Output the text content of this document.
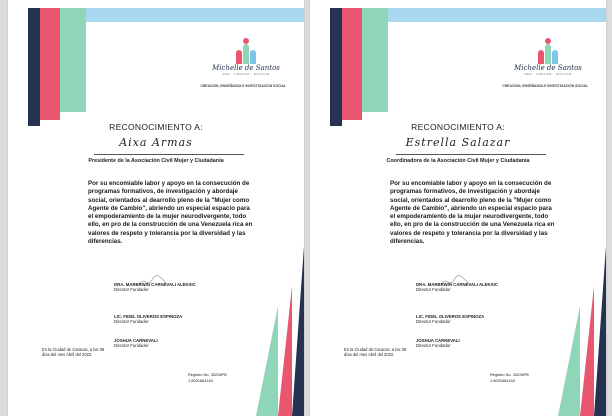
Michelle de Santos
SER · CRECER · EDUCAR
CREACIÓN, ENSEÑANZA E INVESTIGACIÓN SOCIAL
RECONOCIMIENTO A:
Aixa Armas
Presidente de la Asociación Civil Mujer y Ciudadanía
Por su encomiable labor y apoyo en la consecución de programas formativos, de investigación y abordaje social, orientados al dearrollo pleno de la "Mujer como Agente de Cambio", abriendo un especial espacio para el empoderamiento de la mujer neurodivergente, todo ello, en pro de la construcción de una Venezuela rica en valores de respeto y tolerancia por la diversidad y las diferencias.
DRA. MARBRWIN CARNEVALI ALEKSIC
Director Fundador
LIC. FIDEL OLIVEROS ESPINOZA
Director Fundador
JOSHUA CARNEVALI
Director Fundador
En la Ciudad de Caracas, a los 09 días del mes Abril del 2022.
Registro No. 33228PB
J-5001864183
Michelle de Santos
SER · CRECER · EDUCAR
CREACIÓN, ENSEÑANZA E INVESTIGACIÓN SOCIAL
RECONOCIMIENTO A:
Estrella Salazar
Coordinadora de la Asociación Civil Mujer y Ciudadanía
Por su encomiable labor y apoyo en la consecución de programas formativos, de investigación y abordaje social, orientados al dearrollo pleno de la "Mujer como Agente de Cambio", abriendo un especial espacio para el empoderamiento de la mujer neurodivergente, todo ello, en pro de la construcción de una Venezuela rica en valores de respeto y tolerancia por la diversidad y las diferencias.
DRA. MARBRWIN CARNEVALI ALEKSIC
Director Fundador
LIC. FIDEL OLIVEROS ESPINOZA
Director Fundador
JOSHUA CARNEVALI
Director Fundador
En la Ciudad de Caracas, a los 09 días del mes Abril del 2022.
Registro No. 33228PB
J-5001864183
